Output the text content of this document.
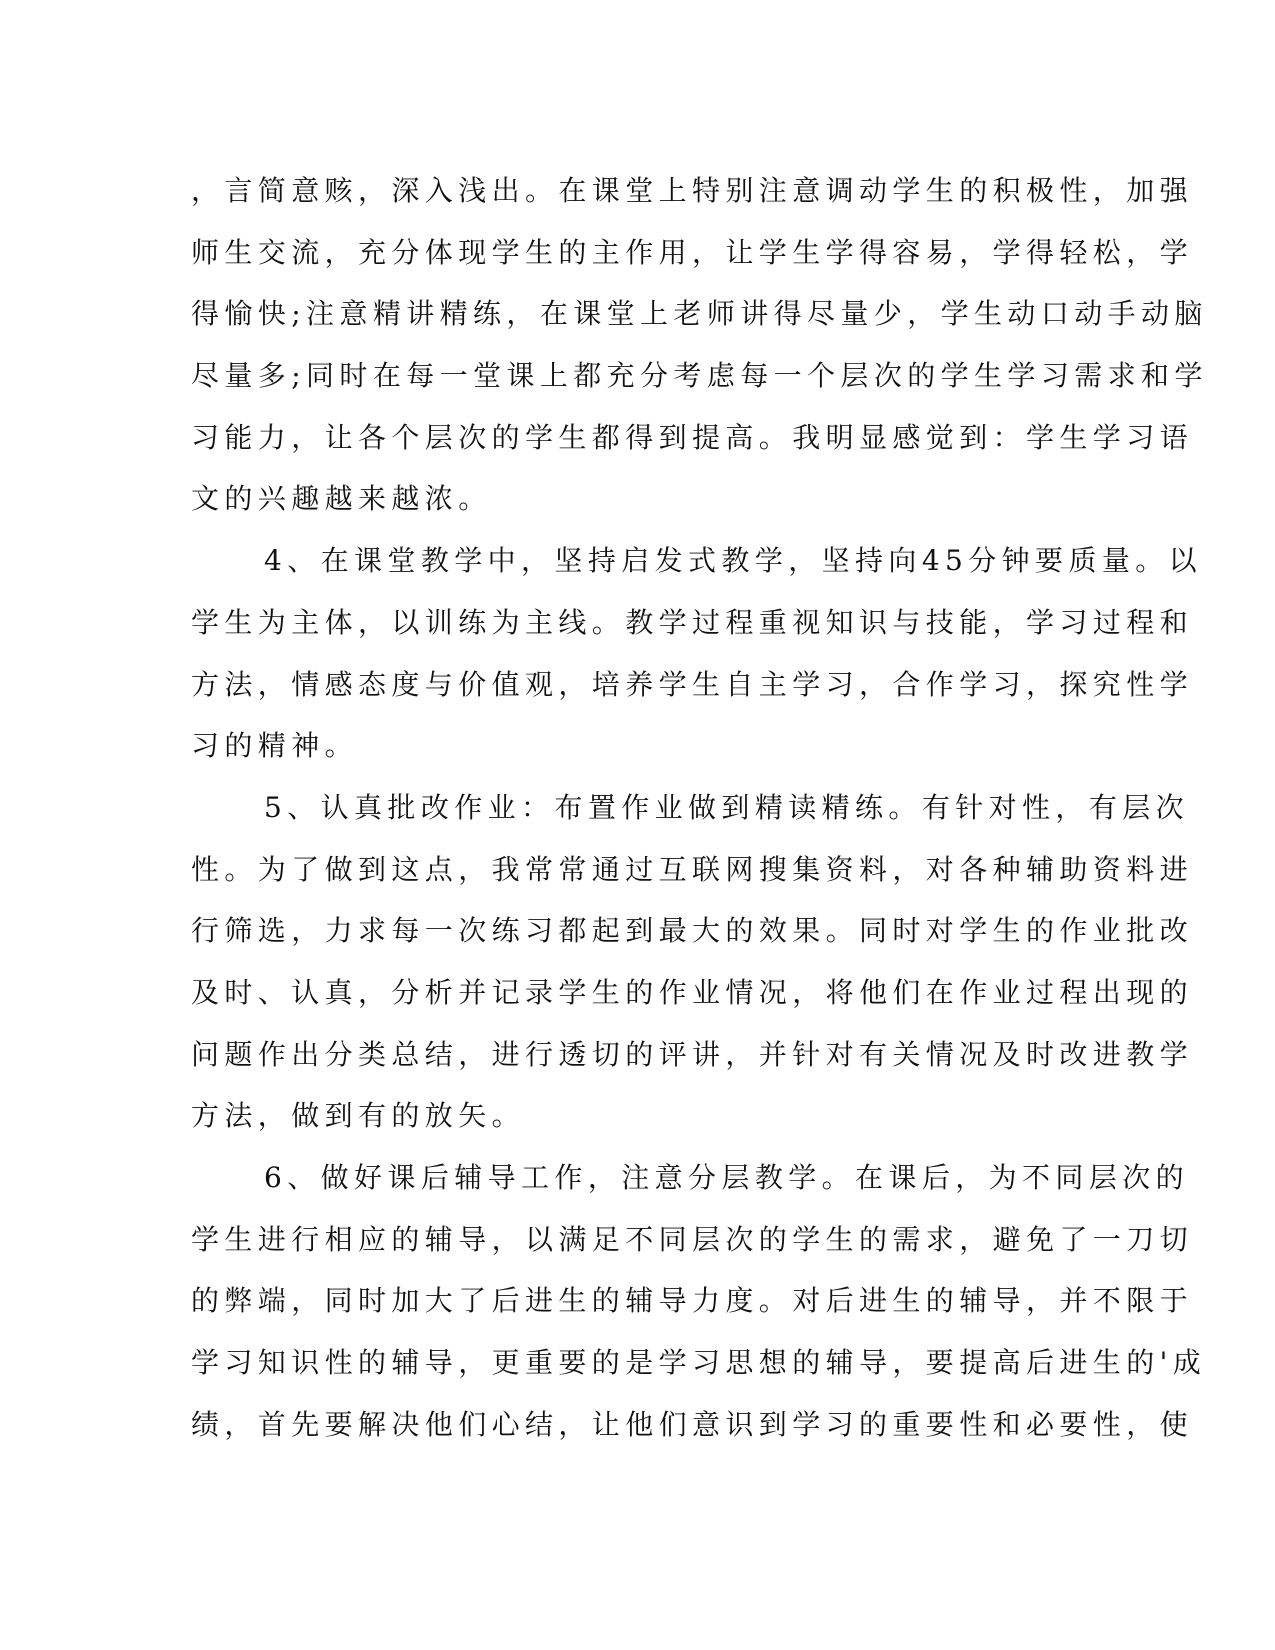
，言简意赅，深入浅出。在课堂上特别注意调动学生的积极性，加强
师生交流，充分体现学生的主作用，让学生学得容易，学得轻松，学
得愉快;注意精讲精练，在课堂上老师讲得尽量少，学生动口动手动脑
尽量多;同时在每一堂课上都充分考虑每一个层次的学生学习需求和学
习能力，让各个层次的学生都得到提高。我明显感觉到：学生学习语
文的兴趣越来越浓。
4、在课堂教学中，坚持启发式教学，坚持向45分钟要质量。以
学生为主体，以训练为主线。教学过程重视知识与技能，学习过程和
方法，情感态度与价值观，培养学生自主学习，合作学习，探究性学
习的精神。
5、认真批改作业：布置作业做到精读精练。有针对性，有层次
性。为了做到这点，我常常通过互联网搜集资料，对各种辅助资料进
行筛选，力求每一次练习都起到最大的效果。同时对学生的作业批改
及时、认真，分析并记录学生的作业情况，将他们在作业过程出现的
问题作出分类总结，进行透切的评讲，并针对有关情况及时改进教学
方法，做到有的放矢。
6、做好课后辅导工作，注意分层教学。在课后，为不同层次的
学生进行相应的辅导，以满足不同层次的学生的需求，避免了一刀切
的弊端，同时加大了后进生的辅导力度。对后进生的辅导，并不限于
学习知识性的辅导，更重要的是学习思想的辅导，要提高后进生的'成
绩，首先要解决他们心结，让他们意识到学习的重要性和必要性，使
